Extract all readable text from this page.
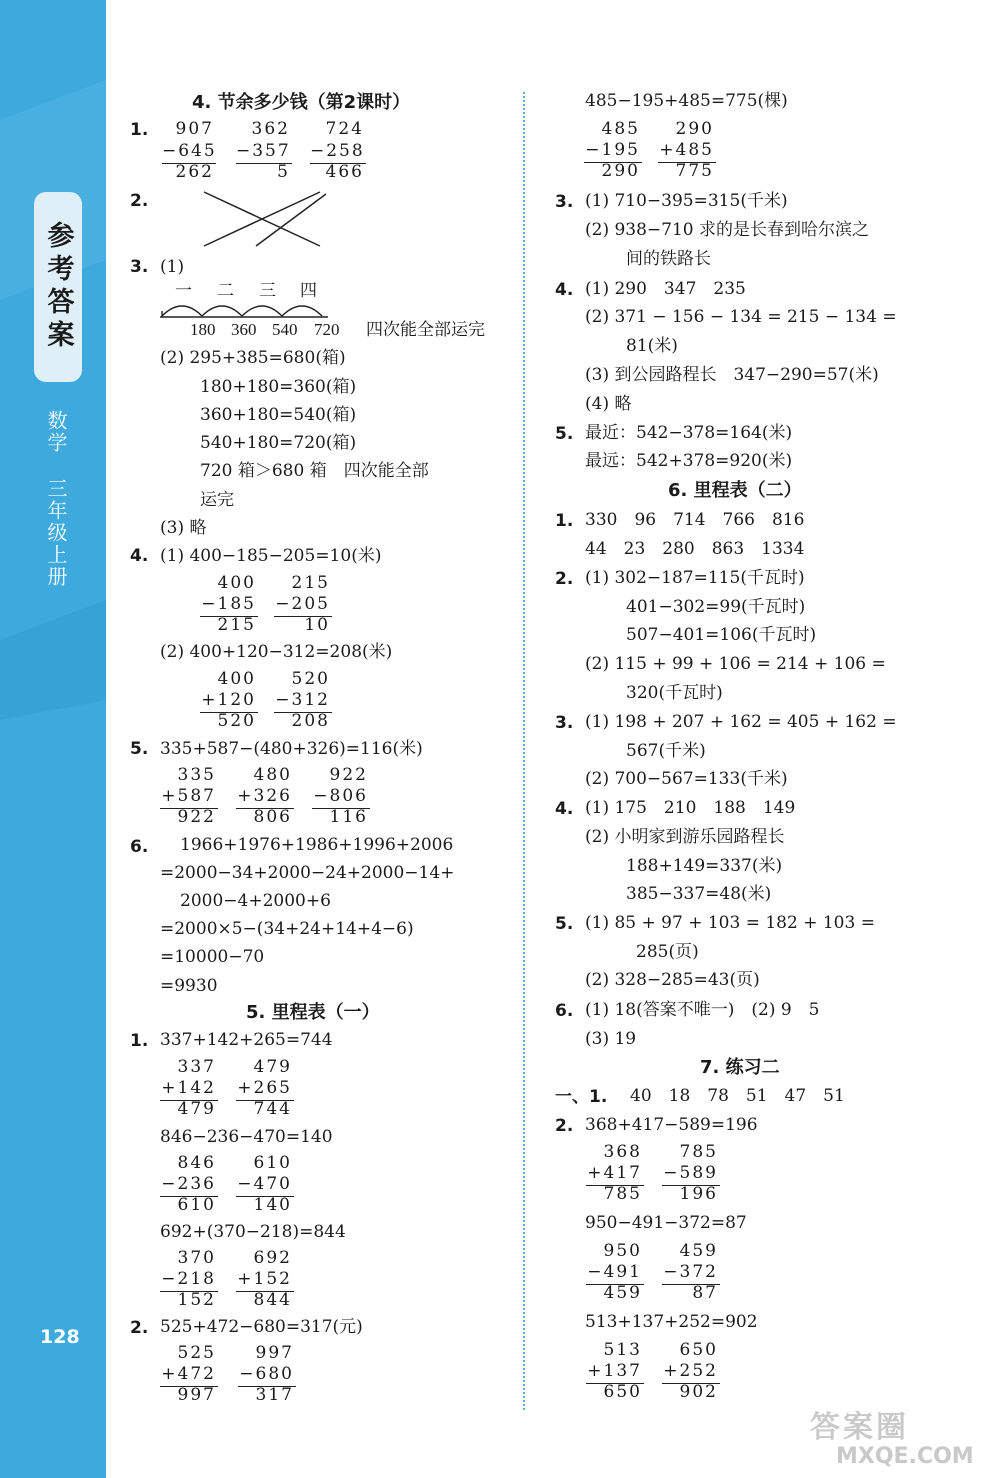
参考答案
数学
三年级上册
128
4. 节余多少钱（第2课时）
1. 907
−645
262
362
−357
5
724
−258
466
2.
3. (1)
一 二 三 四
180 360 540 720 四次能全部运完
(2) 295+385=680(箱)
180+180=360(箱)
360+180=540(箱)
540+180=720(箱)
720 箱＞680 箱　四次能全部
运完
(3) 略
4. (1) 400−185−205=10(米)
400
−185
215
215
−205
10
(2) 400+120−312=208(米)
400
+120
520
520
−312
208
5. 335+587−(480+326)=116(米)
335
+587
922
480
+326
806
922
−806
116
6. 1966+1976+1986+1996+2006
=2000−34+2000−24+2000−14+
2000−4+2000+6
=2000×5−(34+24+14+4−6)
=10000−70
=9930
5. 里程表（一）
1. 337+142+265=744
337
+142
479
479
+265
744
846−236−470=140
846
−236
610
610
−470
140
692+(370−218)=844
370
−218
152
692
+152
844
2. 525+472−680=317(元)
525
+472
997
997
−680
317
485−195+485=775(棵)
485
−195
290
290
+485
775
3. (1) 710−395=315(千米)
(2) 938−710 求的是长春到哈尔滨之
间的铁路长
4. (1) 290　347　235
(2) 371 − 156 − 134 = 215 − 134 =
81(米)
(3) 到公园路程长　347−290=57(米)
(4) 略
5. 最近：542−378=164(米)
最远：542+378=920(米)
6. 里程表（二）
1. 330　96　714　766　816
44　23　280　863　1334
2. (1) 302−187=115(千瓦时)
401−302=99(千瓦时)
507−401=106(千瓦时)
(2) 115 + 99 + 106 = 214 + 106 =
320(千瓦时)
3. (1) 198 + 207 + 162 = 405 + 162 =
567(千米)
(2) 700−567=133(千米)
4. (1) 175　210　188　149
(2) 小明家到游乐园路程长
188+149=337(米)
385−337=48(米)
5. (1) 85 + 97 + 103 = 182 + 103 =
285(页)
(2) 328−285=43(页)
6. (1) 18(答案不唯一)　(2) 9　5
(3) 19
7. 练习二
一、1. 40　18　78　51　47　51
2. 368+417−589=196
368
+417
785
785
−589
196
950−491−372=87
950
−491
459
459
−372
87
513+137+252=902
513
+137
650
650
+252
902
答案圈
MXQE.COM
